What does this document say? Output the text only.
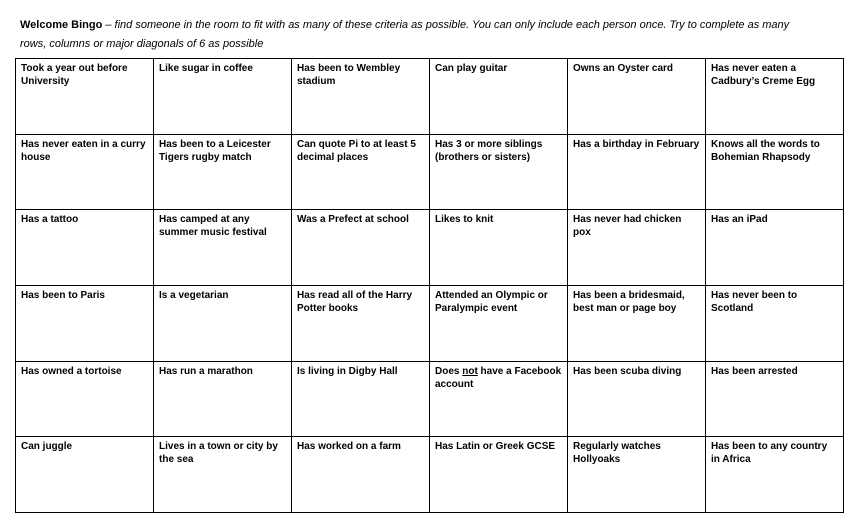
Welcome Bingo – find someone in the room to fit with as many of these criteria as possible. You can only include each person once. Try to complete as many rows, columns or major diagonals of 6 as possible
Took a year out before University	Like sugar in coffee	Has been to Wembley stadium	Can play guitar	Owns an Oyster card	Has never eaten a Cadbury’s Creme Egg
Has never eaten in a curry house	Has been to a Leicester Tigers rugby match	Can quote Pi to at least 5 decimal places	Has 3 or more siblings (brothers or sisters)	Has a birthday in February	Knows all the words to Bohemian Rhapsody
Has a tattoo	Has camped at any summer music festival	Was a Prefect at school	Likes to knit	Has never had chicken pox	Has an iPad
Has been to Paris	Is a vegetarian	Has read all of the Harry Potter books	Attended an Olympic or Paralympic event	Has been a bridesmaid, best man or page boy	Has never been to Scotland
Has owned a tortoise	Has run a marathon	Is living in Digby Hall	Does not have a Facebook account	Has been scuba diving	Has been arrested
Can juggle	Lives in a town or city by the sea	Has worked on a farm	Has Latin or Greek GCSE	Regularly watches Hollyoaks	Has been to any country in Africa
